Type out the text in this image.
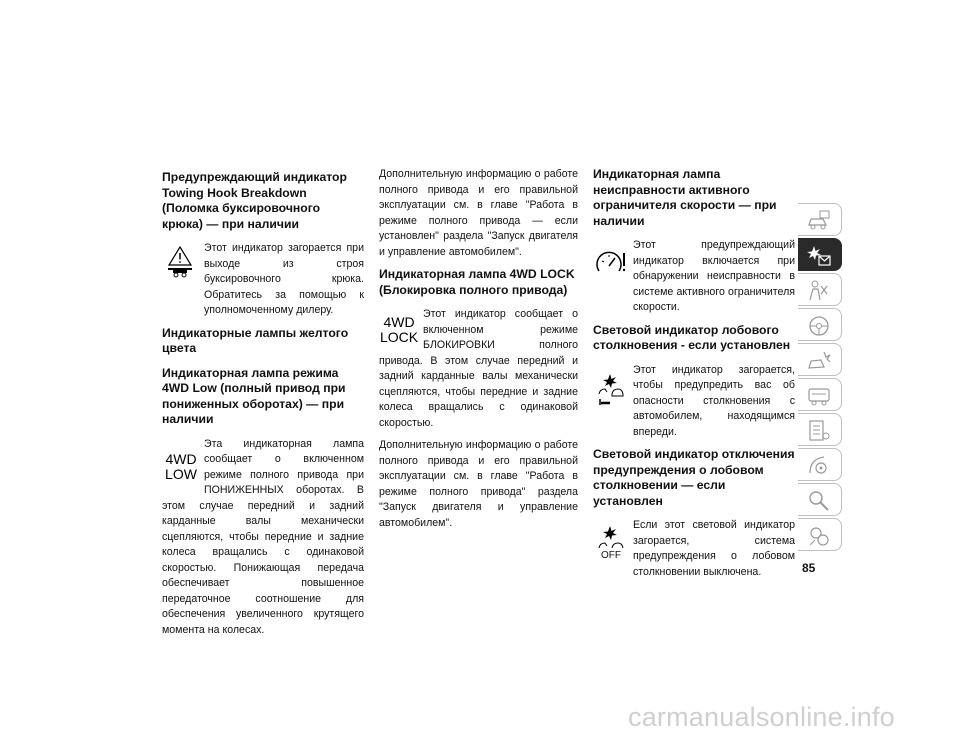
Предупреждающий индикатор Towing Hook Breakdown (Поломка буксировочного крюка) — при наличии
Этот индикатор загорается при выходе из строя буксировочного крюка. Обратитесь за помощью к уполномоченному дилеру.
Индикаторные лампы желтого цвета
Индикаторная лампа режима 4WD Low (полный привод при пониженных оборотах) — при наличии
4WD
LOW
Эта индикаторная лампа сообщает о включенном режиме полного привода при ПОНИЖЕННЫХ оборотах. В этом случае передний и задний карданные валы механически сцепляются, чтобы передние и задние колеса вращались с одинаковой скоростью. Понижающая передача обеспечивает повышенное передаточное соотношение для обеспечения увеличенного крутящего момента на колесах.
Дополнительную информацию о работе полного привода и его правильной эксплуатации см. в главе "Работа в режиме полного привода — если установлен" раздела "Запуск двигателя и управление автомобилем".
Индикаторная лампа 4WD LOCK (Блокировка полного привода)
4WD
LOCK
Этот индикатор сообщает о включенном режиме БЛОКИРОВКИ полного привода. В этом случае передний и задний карданные валы механически сцепляются, чтобы передние и задние колеса вращались с одинаковой скоростью.
Дополнительную информацию о работе полного привода и его правильной эксплуатации см. в главе "Работа в режиме полного привода" раздела "Запуск двигателя и управление автомобилем".
Индикаторная лампа неисправности активного ограничителя скорости — при наличии
Этот предупреждающий индикатор включается при обнаружении неисправности в системе активного ограничителя скорости.
Световой индикатор лобового столкновения - если установлен
Этот индикатор загорается, чтобы предупредить вас об опасности столкновения с автомобилем, находящимся впереди.
Световой индикатор отключения предупреждения о лобовом столкновении — если установлен
OFF
Если этот световой индикатор загорается, система предупреждения о лобовом столкновении выключена.	85
carmanualsonline.info
